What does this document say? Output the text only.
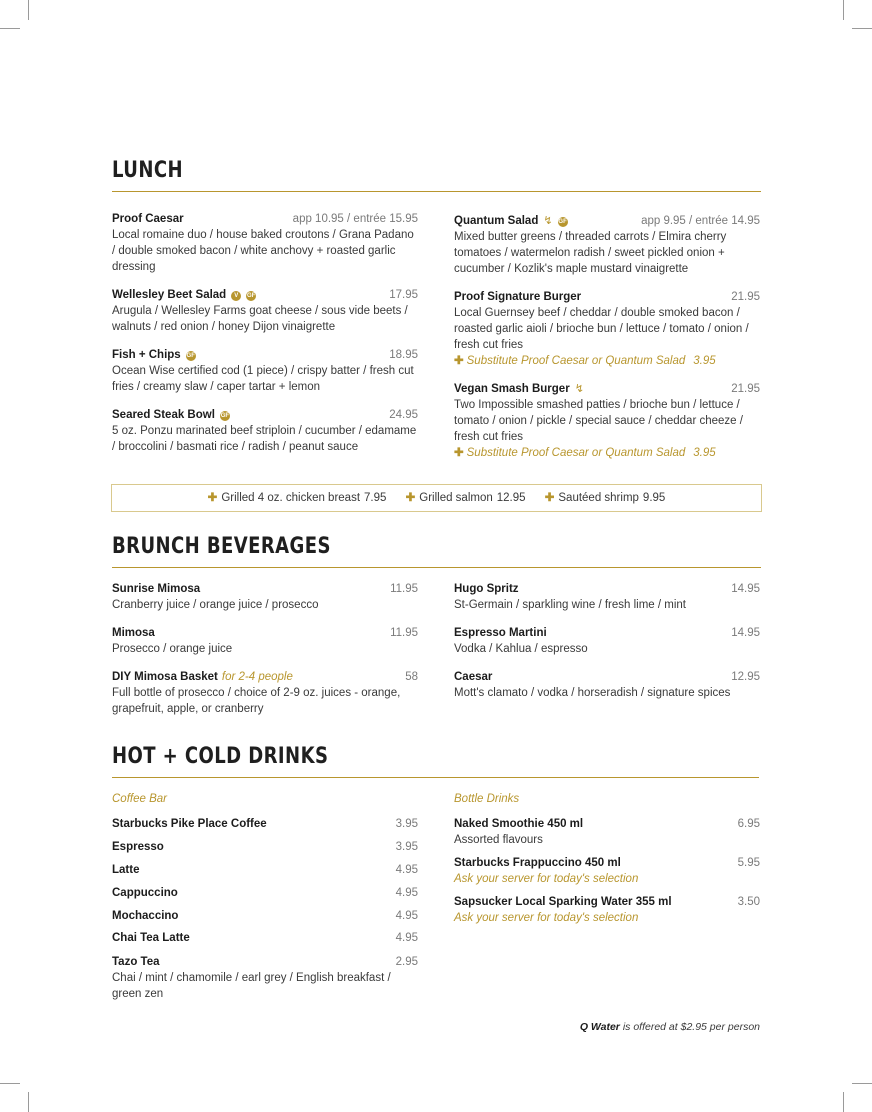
LUNCH
✚ Grilled 4 oz. chicken breast 7.95 ✚ Grilled salmon 12.95 ✚ Sautéed shrimp 9.95
BRUNCH BEVERAGES
HOT + COLD DRINKS
Coffee Bar	Bottle Drinks
Q Water is offered at $2.95 per person
Proof Caesar	app 10.95 / entrée 15.95
Local romaine duo / house baked croutons / Grana Padano / double smoked bacon / white anchovy + roasted garlic dressing
Wellesley Beet Salad V GF	17.95
Arugula / Wellesley Farms goat cheese / sous vide beets / walnuts / red onion / honey Dijon vinaigrette
Fish + Chips GF	18.95
Ocean Wise certified cod (1 piece) / crispy batter / fresh cut fries / creamy slaw / caper tartar + lemon
Seared Steak Bowl GF	24.95
5 oz. Ponzu marinated beef striploin / cucumber / edamame / broccolini / basmati rice / radish / peanut sauce
Quantum Salad ↯ GF	app 9.95 / entrée 14.95
Mixed butter greens / threaded carrots / Elmira cherry tomatoes / watermelon radish / sweet pickled onion + cucumber / Kozlik's maple mustard vinaigrette
Proof Signature Burger	21.95
Local Guernsey beef / cheddar / double smoked bacon / roasted garlic aioli / brioche bun / lettuce / tomato / onion / fresh cut fries
✚ Substitute Proof Caesar or Quantum Salad 3.95
Vegan Smash Burger ↯	21.95
Two Impossible smashed patties / brioche bun / lettuce / tomato / onion / pickle / special sauce / cheddar cheeze / fresh cut fries
✚ Substitute Proof Caesar or Quantum Salad 3.95
Sunrise Mimosa	11.95
Cranberry juice / orange juice / prosecco
Mimosa	11.95
Prosecco / orange juice
DIY Mimosa Basket for 2-4 people	58
Full bottle of prosecco / choice of 2-9 oz. juices - orange, grapefruit, apple, or cranberry
Hugo Spritz	14.95
St-Germain / sparkling wine / fresh lime / mint
Espresso Martini	14.95
Vodka / Kahlua / espresso
Caesar	12.95
Mott's clamato / vodka / horseradish / signature spices
Starbucks Pike Place Coffee	3.95
Espresso	3.95
Latte	4.95
Cappuccino	4.95
Mochaccino	4.95
Chai Tea Latte	4.95
Tazo Tea	2.95
Chai / mint / chamomile / earl grey / English breakfast / green zen
Naked Smoothie 450 ml	6.95
Assorted flavours
Starbucks Frappuccino 450 ml	5.95
Ask your server for today's selection
Sapsucker Local Sparking Water 355 ml	3.50
Ask your server for today's selection
